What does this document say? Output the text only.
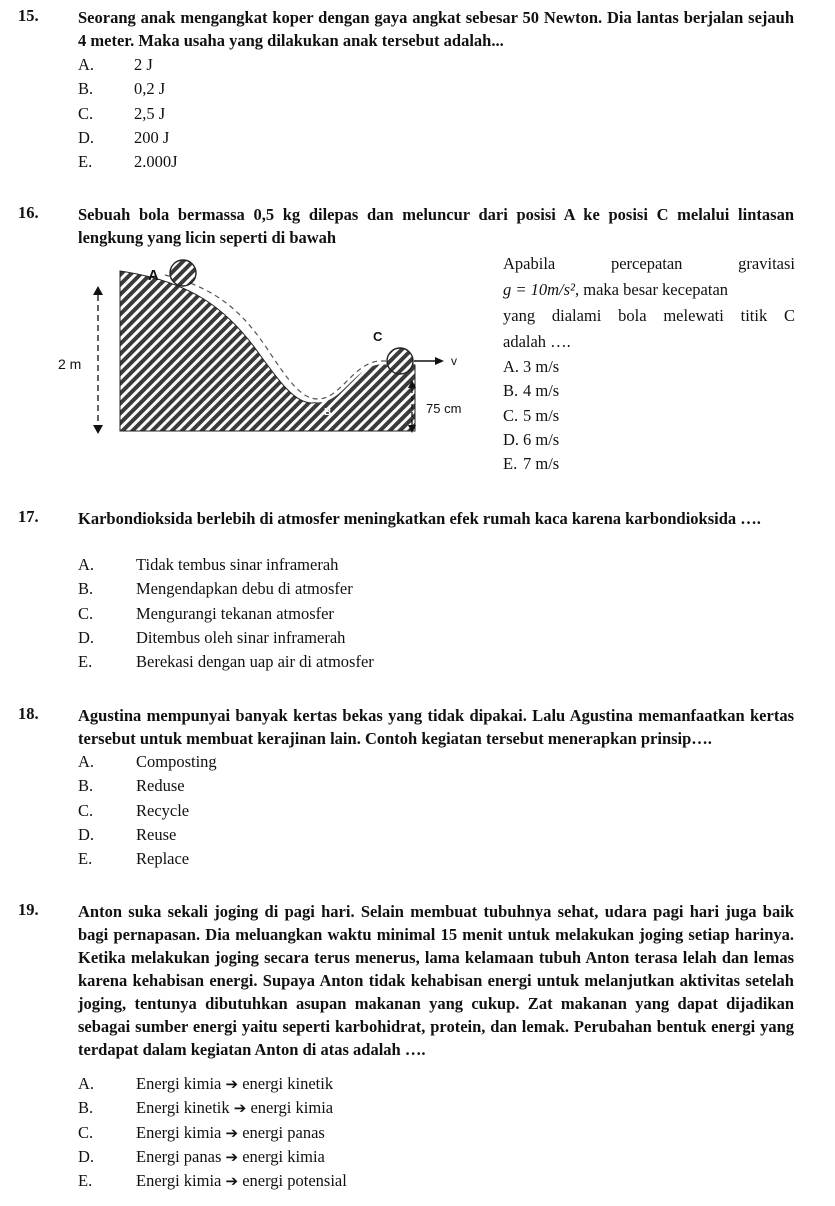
15. Seorang anak mengangkat koper dengan gaya angkat sebesar 50 Newton. Dia lantas berjalan sejauh 4 meter. Maka usaha yang dilakukan anak tersebut adalah...
A. 2 J
B. 0,2 J
C. 2,5 J
D. 200 J
E.	2.000J
16. Sebuah bola bermassa 0,5 kg dilepas dan meluncur dari posisi A ke posisi C melalui lintasan lengkung yang licin seperti di bawah
A
C
v
B
2 m
75 cm
Apabila percepatan gravitasi
g = 10m/s², maka besar kecepatan
yang dialami bola melewati titik C
adalah ….
A. 3 m/s
B. 4 m/s
C. 5 m/s
D. 6 m/s
E. 7 m/s
17. Karbondioksida berlebih di atmosfer meningkatkan efek rumah kaca karena karbondioksida ….
A.	Tidak tembus sinar inframerah
B.	Mengendapkan debu di atmosfer
C.	Mengurangi tekanan atmosfer
D.	Ditembus oleh sinar inframerah
E.	Berekasi dengan uap air di atmosfer
18. Agustina mempunyai banyak kertas bekas yang tidak dipakai. Lalu Agustina memanfaatkan kertas tersebut untuk membuat kerajinan lain. Contoh kegiatan tersebut menerapkan prinsip….
A.	Composting
B.	Reduse
C.	Recycle
D.	Reuse
E.	Replace
19. Anton suka sekali joging di pagi hari. Selain membuat tubuhnya sehat, udara pagi hari juga baik bagi pernapasan. Dia meluangkan waktu minimal 15 menit untuk melakukan joging setiap harinya. Ketika melakukan joging secara terus menerus, lama kelamaan tubuh Anton terasa lelah dan lemas karena kehabisan energi. Supaya Anton tidak kehabisan energi untuk melanjutkan aktivitas setelah joging, tentunya dibutuhkan asupan makanan yang cukup. Zat makanan yang dapat dijadikan sebagai sumber energi yaitu seperti karbohidrat, protein, dan lemak. Perubahan bentuk energi yang terdapat dalam kegiatan Anton di atas adalah ….
A.	Energi kimia ➔ energi kinetik
B.	Energi kinetik ➔ energi kimia
C.	Energi kimia ➔ energi panas
D.	Energi panas ➔ energi kimia
E.	Energi kimia ➔ energi potensial
